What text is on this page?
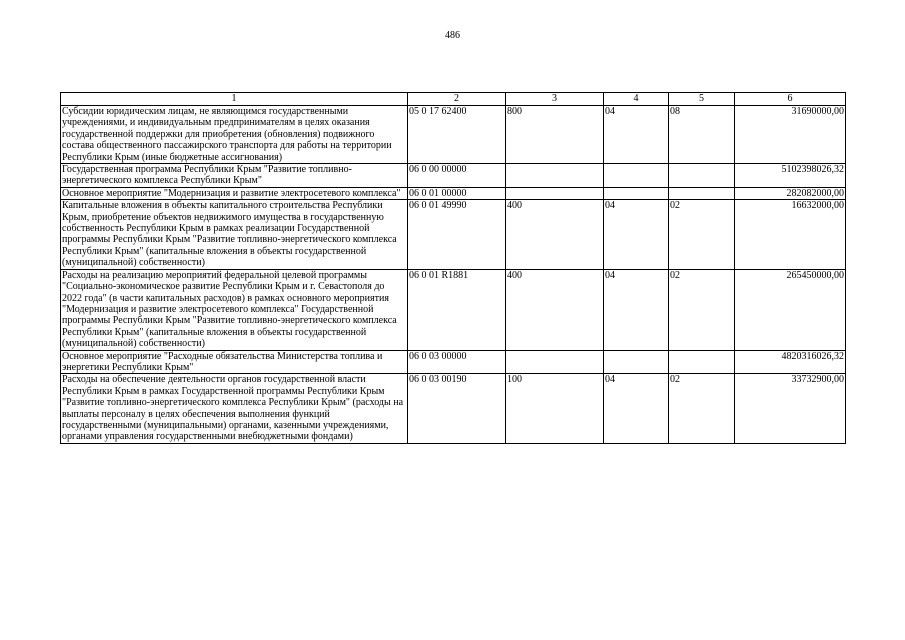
486
1	2	3	4	5	6
Субсидии юридическим лицам, не являющимся государственными учреждениями, и индивидуальным предпринимателям в целях оказания государственной поддержки для приобретения (обновления) подвижного состава общественного пассажирского транспорта для работы на территории Республики Крым (иные бюджетные ассигнования)	05 0 17 62400	800	04	08	31690000,00
Государственная программа Республики Крым "Развитие топливно-энергетического комплекса Республики Крым"	06 0 00 00000				5102398026,32
Основное мероприятие "Модернизация и развитие электросетевого комплекса"	06 0 01 00000				282082000,00
Капитальные вложения в объекты капитального строительства Республики Крым, приобретение объектов недвижимого имущества в государственную собственность Республики Крым в рамках реализации Государственной программы Республики Крым "Развитие топливно-энергетического комплекса Республики Крым" (капитальные вложения в объекты государственной (муниципальной) собственности)	06 0 01 49990	400	04	02	16632000,00
Расходы на реализацию мероприятий федеральной целевой программы "Социально-экономическое развитие Республики Крым и г. Севастополя до 2022 года" (в части капитальных расходов) в рамках основного мероприятия "Модернизация и развитие электросетевого комплекса" Государственной программы Республики Крым "Развитие топливно-энергетического комплекса Республики Крым" (капитальные вложения в объекты государственной (муниципальной) собственности)	06 0 01 R1881	400	04	02	265450000,00
Основное мероприятие "Расходные обязательства Министерства топлива и энергетики Республики Крым"	06 0 03 00000				4820316026,32
Расходы на обеспечение деятельности органов государственной власти Республики Крым в рамках Государственной программы Республики Крым "Развитие топливно-энергетического комплекса Республики Крым" (расходы на выплаты персоналу в целях обеспечения выполнения функций государственными (муниципальными) органами, казенными учреждениями, органами управления государственными внебюджетными фондами)	06 0 03 00190	100	04	02	33732900,00
